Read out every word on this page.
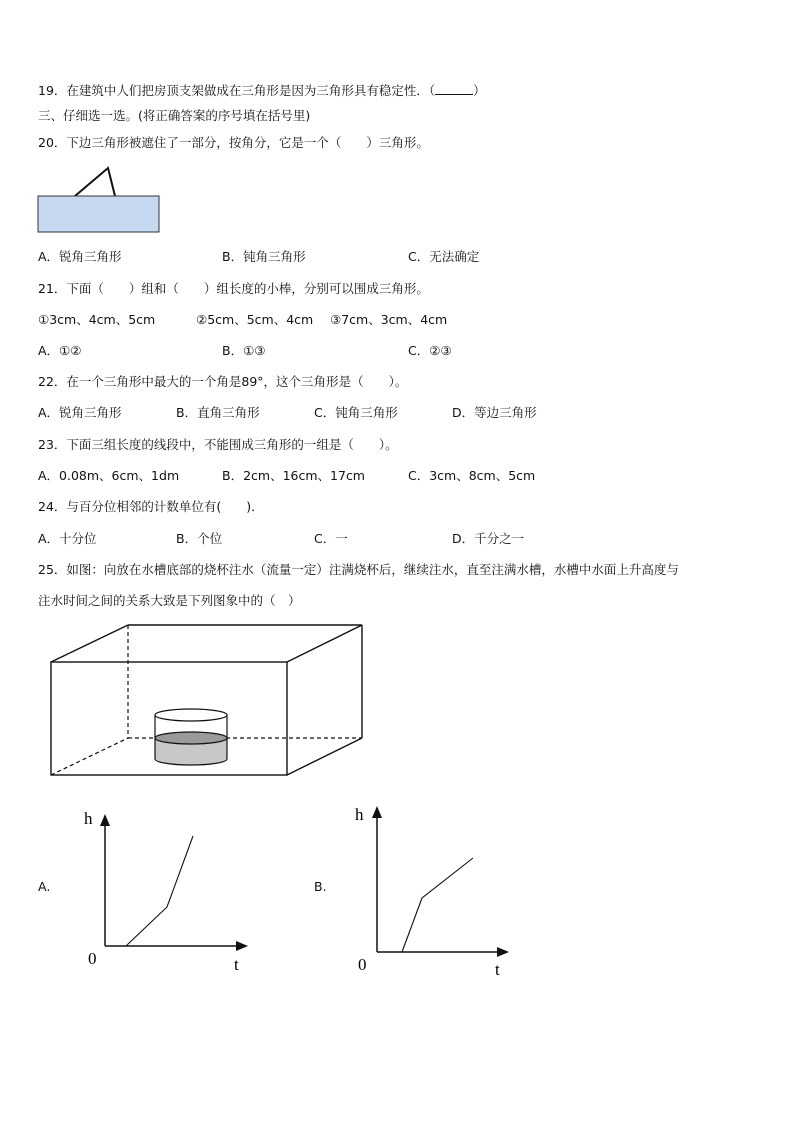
19．在建筑中人们把房顶支架做成在三角形是因为三角形具有稳定性．（	）
三、仔细选一选。(将正确答案的序号填在括号里)
20．下边三角形被遮住了一部分，按角分，它是一个（　　）三角形。
A．锐角三角形	B．钝角三角形	C．无法确定
21．下面（　　）组和（　　）组长度的小棒，分别可以围成三角形。
①3cm、4cm、5cm	②5cm、5cm、4cm ③7cm、3cm、4cm
A．①②	B．①③	C．②③
22．在一个三角形中最大的一个角是89°，这个三角形是（　　）。
A．锐角三角形	B．直角三角形	C．钝角三角形	D．等边三角形
23．下面三组长度的线段中，不能围成三角形的一组是（　　）。
A．0.08m、6cm、1dm	B．2cm、16cm、17cm	C．3cm、8cm、5cm
24．与百分位相邻的计数单位有(　　)．
A．十分位	B．个位	C．一	D．千分之一
25．如图：向放在水槽底部的烧杯注水（流量一定）注满烧杯后，继续注水，直至注满水槽，水槽中水面上升高度与
注水时间之间的关系大致是下列图象中的（　）
A.
h
t
0
B.
h
t
0
